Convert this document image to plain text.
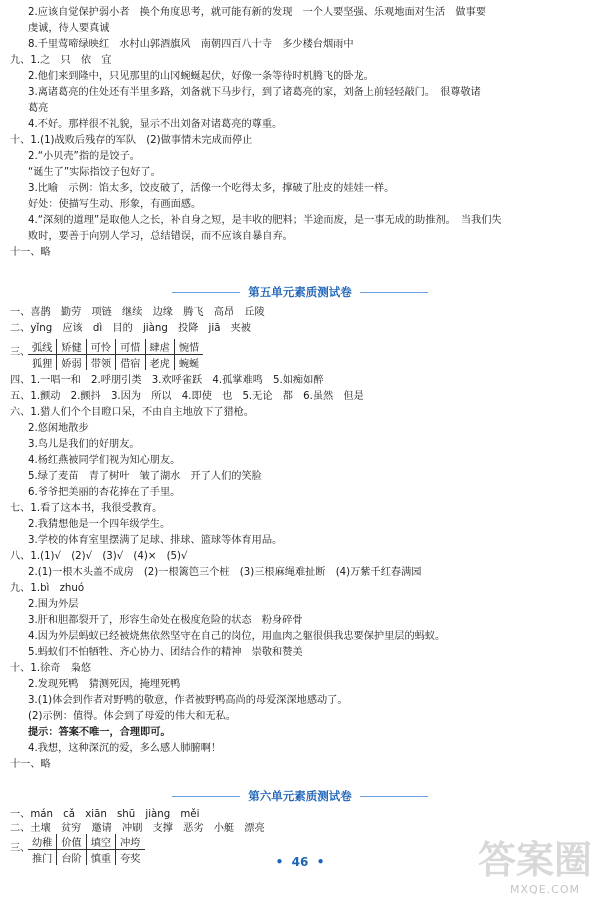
2.应该自觉保护弱小者　换个角度思考，就可能有新的发现　一个人要坚强、乐观地面对生活　做事要
虔诚，待人要真诚
8.千里莺啼绿映红　水村山郭酒旗风　南朝四百八十寺　多少楼台烟雨中
九、1.之　只　依　宜
2.他们来到隆中，只见那里的山冈蜿蜒起伏，好像一条等待时机腾飞的卧龙。
3.离诸葛亮的住处还有半里多路，刘备就下马步行，到了诸葛亮的家，刘备上前轻轻敲门。　很尊敬诸
葛亮
4.不好。那样很不礼貌，显示不出刘备对诸葛亮的尊重。
十、1.(1)战败后残存的军队　(2)做事情未完成而停止
2.“小贝壳”指的是饺子。
“诞生了”实际指饺子包好了。
3.比喻　示例：馅太多，饺皮破了，活像一个吃得太多，撑破了肚皮的娃娃一样。
好处：使描写生动、形象，有画面感。
4.“深刻的道理”是取他人之长，补自身之短，是丰收的肥料；半途而废，是一事无成的助推剂。　当我们失
败时，要善于向别人学习，总结错误，而不应该自暴自弃。
十一、略
第五单元素质测试卷
一、喜鹊　勤劳　项链　继续　边缘　腾飞　高昂　丘陵
二、yǐng　应该　dì　目的　jiàng　投降　jiā　夹被
三、 弧线	矫健	可怜	可惜	肆虐	惋惜
狐狸	娇弱	带领	借宿	老虎	蜿蜒
四、1.一唱一和　2.呼朋引类　3.欢呼雀跃　4.孤掌难鸣　5.如痴如醉
五、1.颤动　2.颤抖　3.因为　所以　4.即使　也　5.无论　都　6.虽然　但是
六、1.猎人们个个目瞪口呆，不由自主地放下了猎枪。
2.悠闲地散步
3.鸟儿是我们的好朋友。
4.杨红燕被同学们视为知心朋友。
5.绿了麦苗　青了树叶　皱了湖水　开了人们的笑脸
6.爷爷把美丽的杏花捧在了手里。
七、1.看了这本书，我很受教育。
2.我猜想他是一个四年级学生。
3.学校的体育室里摆满了足球、排球、篮球等体育用品。
八、1.(1)√　(2)√　(3)√　(4)×　(5)√
2.(1)一根木头盖不成房　(2)一根篱笆三个桩　(3)三根麻绳难扯断　(4)万紫千红春满园
九、1.bì　zhuó
2.围为外层
3.肝和胆都裂开了，形容生命处在极度危险的状态　粉身碎骨
4.因为外层蚂蚁已经被烧焦依然坚守在自己的岗位，用血肉之躯很俱我忠要保护里层的蚂蚁。
5.蚂蚁们不怕牺牲、齐心协力、团结合作的精神　崇敬和赞美
十、1.徐奇　枭悠
2.发现死鸭　猜测死因，掩埋死鸭
3.(1)体会到作者对野鸭的敬意，作者被野鸭高尚的母爱深深地感动了。
(2)示例：值得。体会到了母爱的伟大和无私。
提示：答案不唯一，合理即可。
4.我想，这种深沉的爱，多么感人肺腑啊！
十一、略
第六单元素质测试卷
一、mán　cǎ　xiān　shū　jiàng　měi
二、土壤　贫穷　邀请　冲刷　支撑　恶劣　小艇　漂亮
三、 幼稚	价值	填空	冲垮
推门	台阶	慎重	夸奖	•  46  •	答案圈
MXQE.COM
